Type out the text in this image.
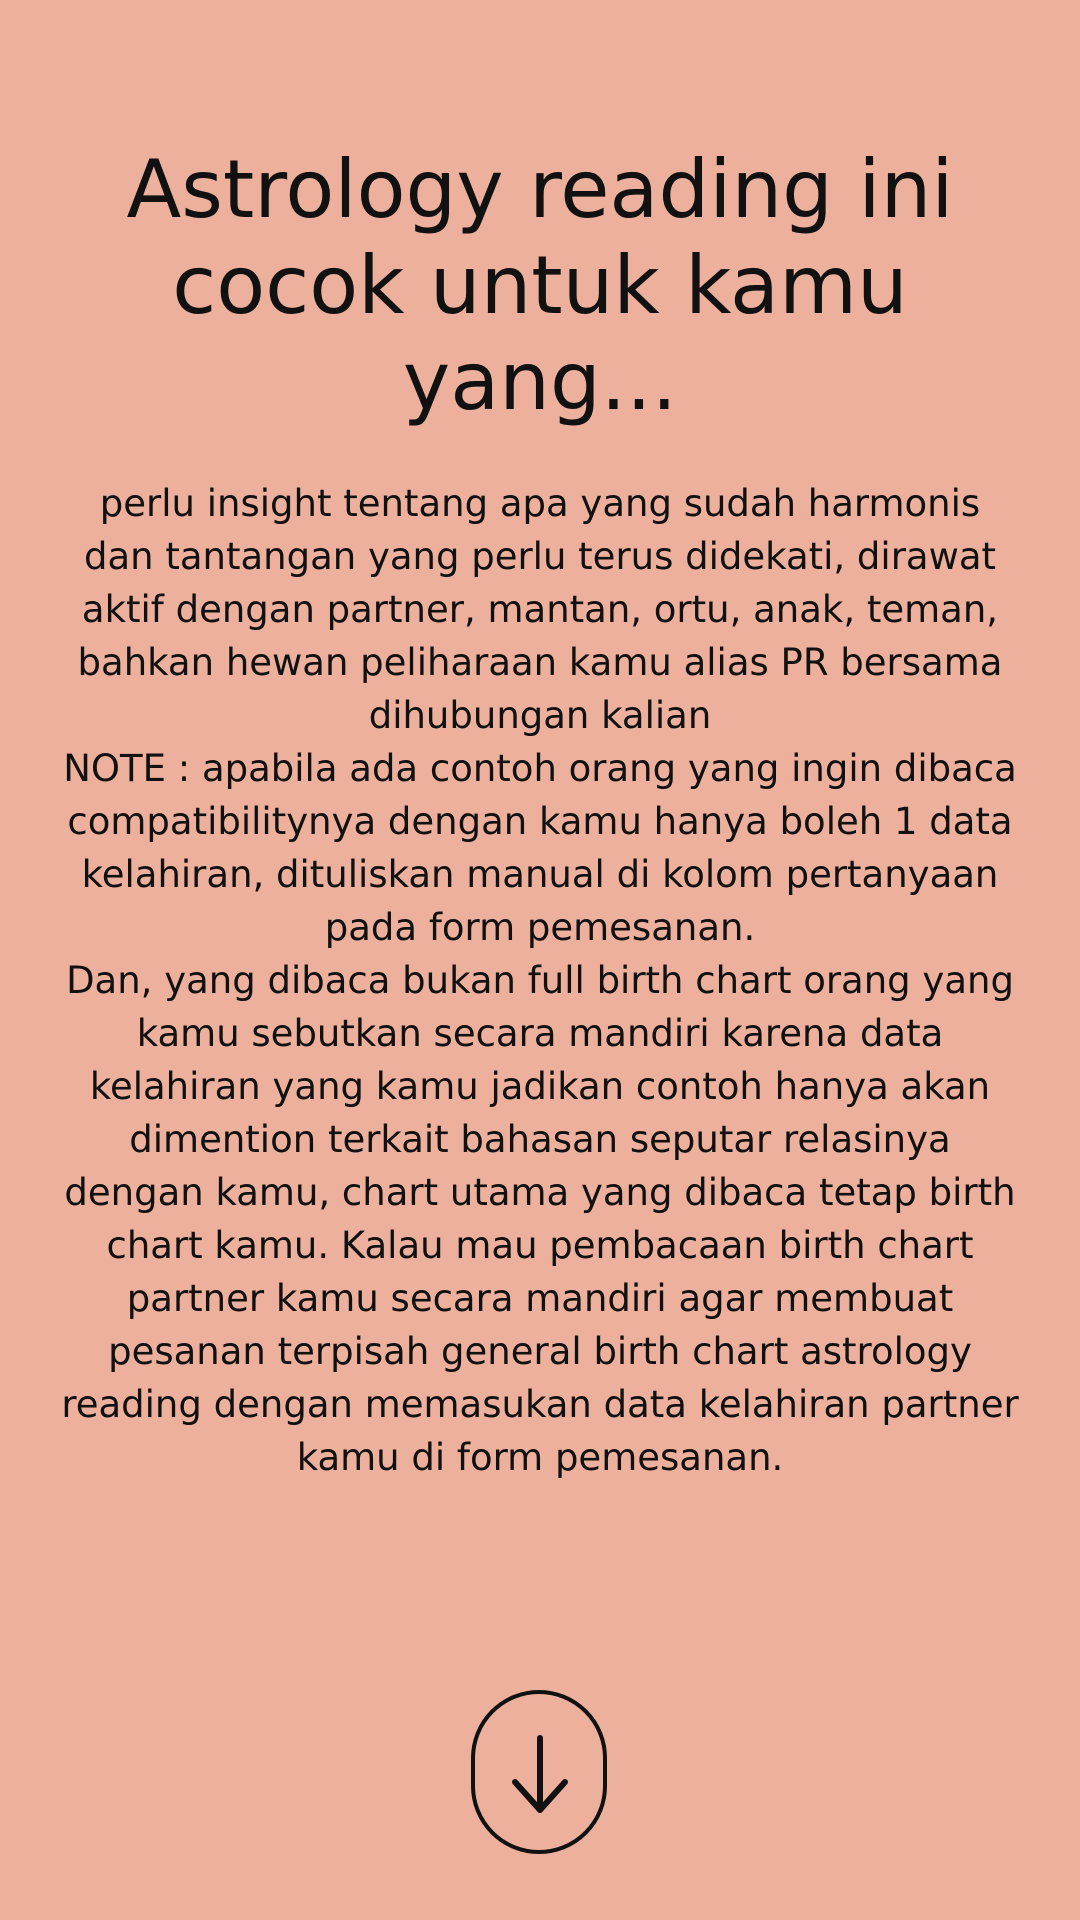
Astrology reading ini cocok untuk kamu yang...

perlu insight tentang apa yang sudah harmonis dan tantangan yang perlu terus didekati, dirawat aktif dengan partner, mantan, ortu, anak, teman, bahkan hewan peliharaan kamu alias PR bersama dihubungan kalian

NOTE : apabila ada contoh orang yang ingin dibaca compatibilitynya dengan kamu hanya boleh 1 data kelahiran, dituliskan manual di kolom pertanyaan pada form pemesanan.

Dan, yang dibaca bukan full birth chart orang yang kamu sebutkan secara mandiri karena data kelahiran yang kamu jadikan contoh hanya akan dimention terkait bahasan seputar relasinya dengan kamu, chart utama yang dibaca tetap birth chart kamu. Kalau mau pembacaan birth chart partner kamu secara mandiri agar membuat pesanan terpisah general birth chart astrology reading dengan memasukan data kelahiran partner kamu di form pemesanan.
